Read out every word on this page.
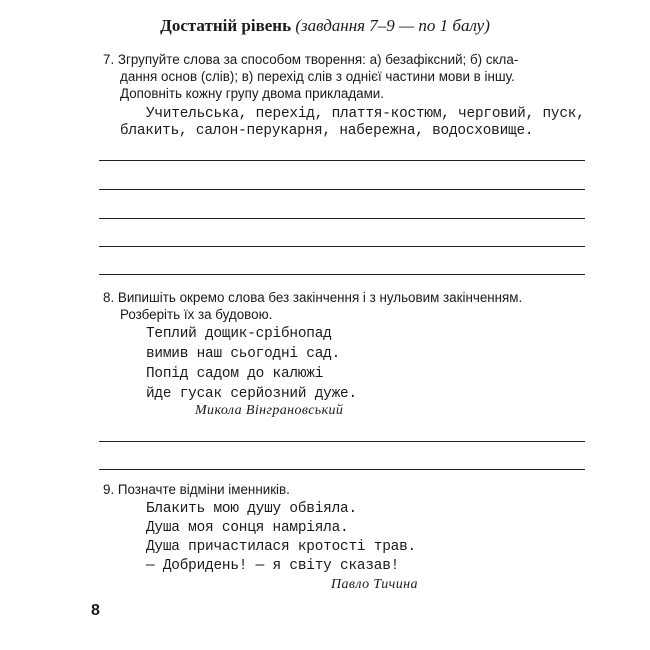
Достатній рівень (завдання 7–9 — по 1 балу)
7. Згрупуйте слова за способом творення: а) безафіксний; б) скла-
дання основ (слів); в) перехід слів з однієї частини мови в іншу.
Доповніть кожну групу двома прикладами.
Учительська, перехід, плаття-костюм, черговий, пуск,
блакить, салон-перукарня, набережна, водосховище.
8. Випишіть окремо слова без закінчення і з нульовим закінченням.
Розберіть їх за будовою.
Теплий дощик-срібнопад
вимив наш сьогодні сад.
Попід садом до калюжі
йде гусак серйозний дуже.
Микола Вінграновський
9. Позначте відміни іменників.
Блакить мою душу обвіяла.
Душа моя сонця намріяла.
Душа причастилася кротості трав.
— Добридень! — я світу сказав!
Павло Тичина
8
